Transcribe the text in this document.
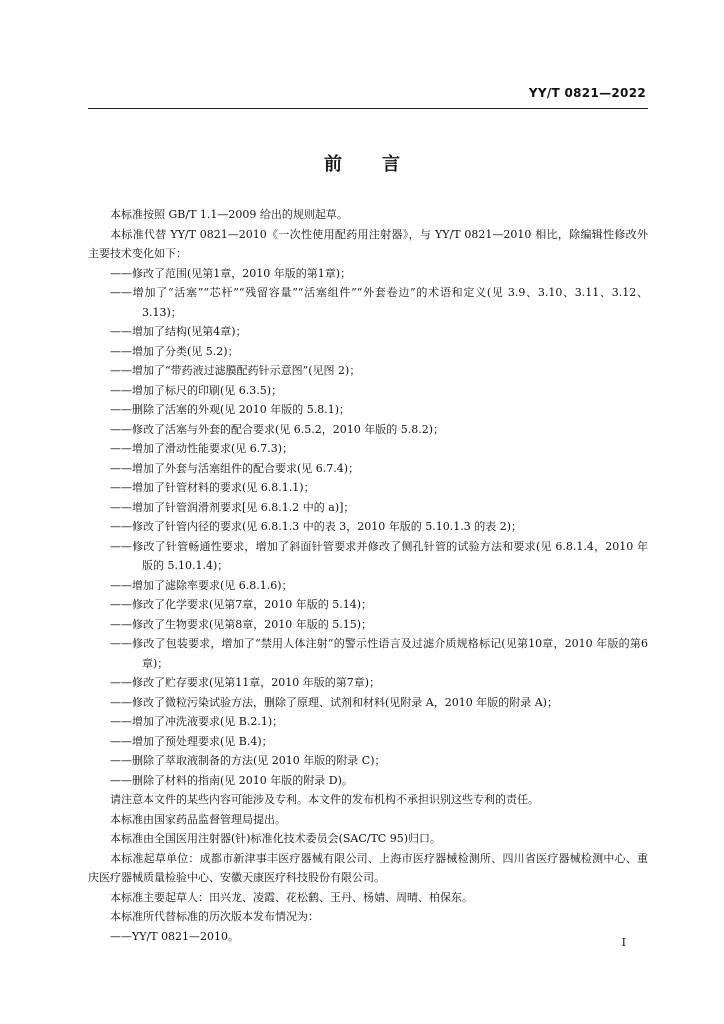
YY/T 0821—2022
前言

本标准按照 GB/T 1.1—2009 给出的规则起草。

本标准代替 YY/T 0821—2010《一次性使用配药用注射器》，与 YY/T 0821—2010 相比，除编辑性修改外主要技术变化如下：

——修改了范围(见第1章，2010 年版的第1章)；

——增加了“活塞”“芯杆”“残留容量”“活塞组件”“外套卷边”的术语和定义(见 3.9、3.10、3.11、3.12、3.13)；

——增加了结构(见第4章)；

——增加了分类(见 5.2)；

——增加了“带药液过滤膜配药针示意图”(见图 2)；

——增加了标尺的印刷(见 6.3.5)；

——删除了活塞的外观(见 2010 年版的 5.8.1)；

——修改了活塞与外套的配合要求(见 6.5.2，2010 年版的 5.8.2)；

——增加了滑动性能要求(见 6.7.3)；

——增加了外套与活塞组件的配合要求(见 6.7.4)；

——增加了针管材料的要求(见 6.8.1.1)；

——增加了针管润滑剂要求[见 6.8.1.2 中的 a)]；

——修改了针管内径的要求(见 6.8.1.3 中的表 3，2010 年版的 5.10.1.3 的表 2)；

——修改了针管畅通性要求，增加了斜面针管要求并修改了侧孔针管的试验方法和要求(见 6.8.1.4，2010 年版的 5.10.1.4)；

——增加了滤除率要求(见 6.8.1.6)；

——修改了化学要求(见第7章，2010 年版的 5.14)；

——修改了生物要求(见第8章，2010 年版的 5.15)；

——修改了包装要求，增加了“禁用人体注射”的警示性语言及过滤介质规格标记(见第10章，2010 年版的第6章)；

——修改了贮存要求(见第11章，2010 年版的第7章)；

——修改了微粒污染试验方法，删除了原理、试剂和材料(见附录 A，2010 年版的附录 A)；

——增加了冲洗液要求(见 B.2.1)；

——增加了预处理要求(见 B.4)；

——删除了萃取液制备的方法(见 2010 年版的附录 C)；

——删除了材料的指南(见 2010 年版的附录 D)。

请注意本文件的某些内容可能涉及专利。本文件的发布机构不承担识别这些专利的责任。

本标准由国家药品监督管理局提出。

本标准由全国医用注射器(针)标准化技术委员会(SAC/TC 95)归口。

本标准起草单位：成都市新津事丰医疗器械有限公司、上海市医疗器械检测所、四川省医疗器械检测中心、重庆医疗器械质量检验中心、安徽天康医疗科技股份有限公司。

本标准主要起草人：田兴龙、凌霞、花松鹤、王丹、杨婧、周晴、柏保东。

本标准所代替标准的历次版本发布情况为：

——YY/T 0821—2010。	I
